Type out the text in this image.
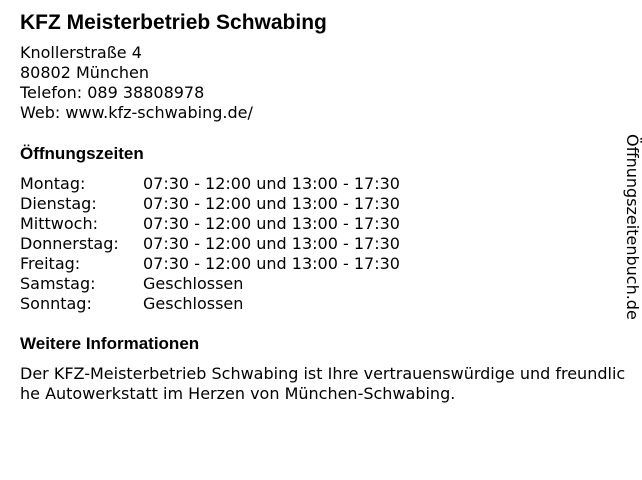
KFZ Meisterbetrieb Schwabing
Knollerstraße 4
80802 München
Telefon: 089 38808978
Web: www.kfz-schwabing.de/
Öffnungszeiten
Montag:	07:30 - 12:00 und 13:00 - 17:30
Dienstag:	07:30 - 12:00 und 13:00 - 17:30
Mittwoch:	07:30 - 12:00 und 13:00 - 17:30
Donnerstag: 07:30 - 12:00 und 13:00 - 17:30
Freitag:	07:30 - 12:00 und 13:00 - 17:30
Samstag:	Geschlossen
Sonntag:	Geschlossen
Weitere Informationen
Der KFZ-Meisterbetrieb Schwabing ist Ihre vertrauenswürdige und freundliche Autowerkstatt im Herzen von München-Schwabing.
Öffnungszeitenbuch.de
